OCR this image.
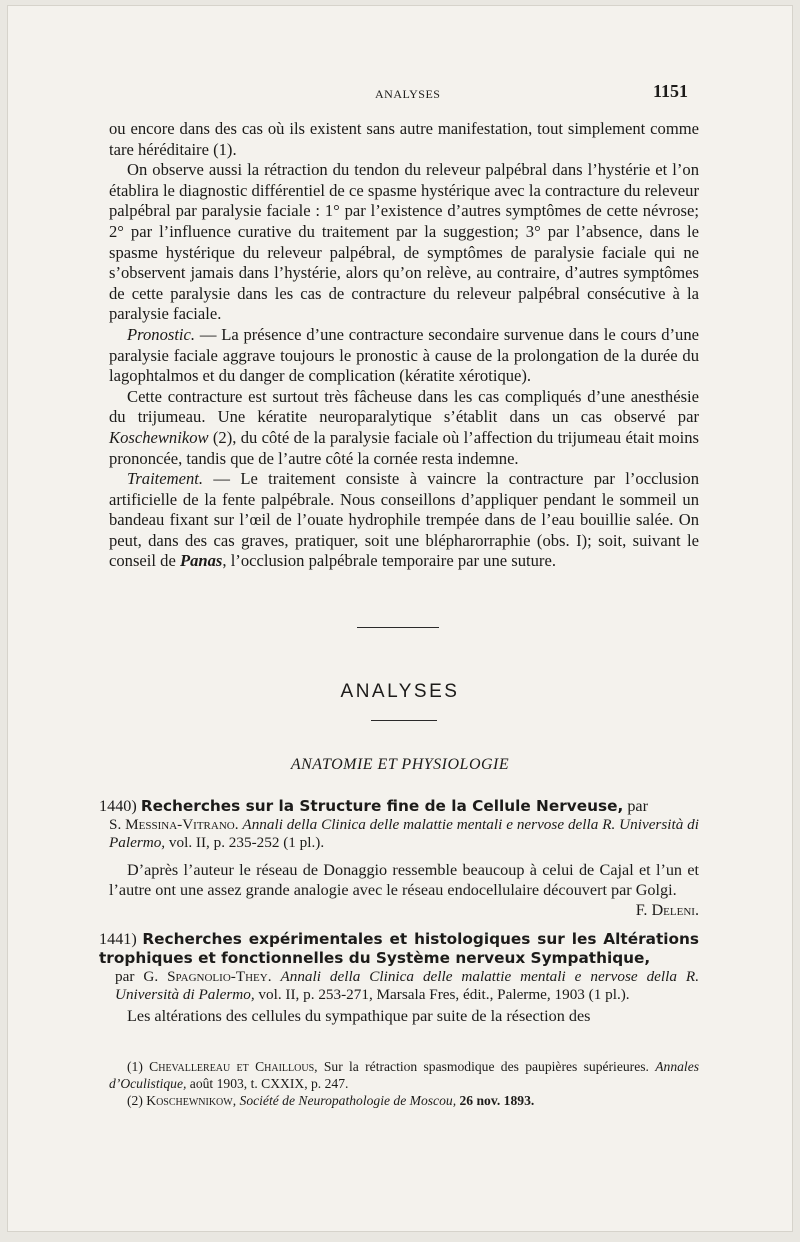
ANALYSES	1151

ou encore dans des cas où ils existent sans autre manifestation, tout simplement comme tare héréditaire (1).

On observe aussi la rétraction du tendon du releveur palpébral dans l’hystérie et l’on établira le diagnostic différentiel de ce spasme hystérique avec la contracture du releveur palpébral par paralysie faciale : 1° par l’existence d’autres symptômes de cette névrose; 2° par l’influence curative du traitement par la suggestion; 3° par l’absence, dans le spasme hystérique du releveur palpébral, de symptômes de paralysie faciale qui ne s’observent jamais dans l’hystérie, alors qu’on relève, au contraire, d’autres symptômes de cette paralysie dans les cas de contracture du releveur palpébral consécutive à la paralysie faciale.

Pronostic. — La présence d’une contracture secondaire survenue dans le cours d’une paralysie faciale aggrave toujours le pronostic à cause de la prolongation de la durée du lagophtalmos et du danger de complication (kératite xérotique).

Cette contracture est surtout très fâcheuse dans les cas compliqués d’une anesthésie du trijumeau. Une kératite neuroparalytique s’établit dans un cas observé par Koschewnikow (2), du côté de la paralysie faciale où l’affection du trijumeau était moins prononcée, tandis que de l’autre côté la cornée resta indemne.

Traitement. — Le traitement consiste à vaincre la contracture par l’occlusion artificielle de la fente palpébrale. Nous conseillons d’appliquer pendant le sommeil un bandeau fixant sur l’œil de l’ouate hydrophile trempée dans de l’eau bouillie salée. On peut, dans des cas graves, pratiquer, soit une blépharorraphie (obs. I); soit, suivant le conseil de Panas, l’occlusion palpébrale temporaire par une suture.

ANALYSES
ANATOMIE ET PHYSIOLOGIE
1440) Recherches sur la Structure fine de la Cellule Nerveuse, par
S. Messina-Vitrano. Annali della Clinica delle malattie mentali e nervose della R. Università di Palermo, vol. II, p. 235-252 (1 pl.).
D’après l’auteur le réseau de Donaggio ressemble beaucoup à celui de Cajal et l’un et l’autre ont une assez grande analogie avec le réseau endocellulaire découvert par Golgi.
F. Deleni.
1441) Recherches expérimentales et histologiques sur les Altérations trophiques et fonctionnelles du Système nerveux Sympathique,
par G. Spagnolio-They. Annali della Clinica delle malattie mentali e nervose della R. Università di Palermo, vol. II, p. 253-271, Marsala Fres, édit., Palerme, 1903 (1 pl.).
Les altérations des cellules du sympathique par suite de la résection des

(1) Chevallereau et Chaillous, Sur la rétraction spasmodique des paupières supérieures. Annales d’Oculistique, août 1903, t. CXXIX, p. 247.

(2) Koschewnikow, Société de Neuropathologie de Moscou, 26 nov. 1893.
